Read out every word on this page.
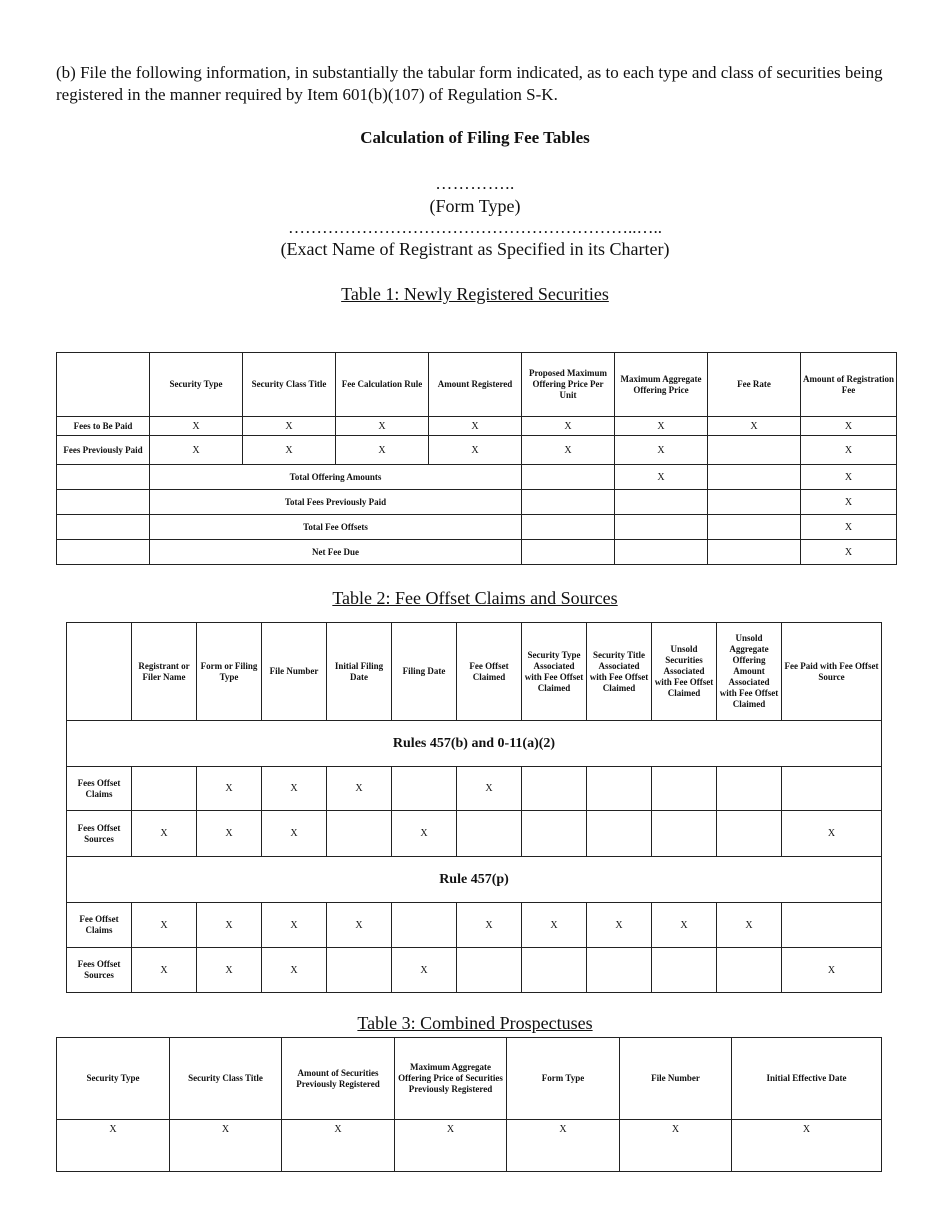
(b) File the following information, in substantially the tabular form indicated, as to each type and class of securities being registered in the manner required by Item 601(b)(107) of Regulation S-K.

Calculation of Filing Fee Tables

…………..

(Form Type)

……………………………………………………..…..

(Exact Name of Registrant as Specified in its Charter)

Table 1: Newly Registered Securities

	Security Type	Security Class Title	Fee Calculation Rule	Amount Registered	Proposed Maximum Offering Price Per Unit	Maximum Aggregate Offering Price	Fee Rate	Amount of Registration Fee
Fees to Be Paid	X	X	X	X	X	X	X	X
Fees Previously Paid	X	X	X	X	X	X		X
	Total Offering Amounts					X		X
	Total Fees Previously Paid							X
	Total Fee Offsets							X
	Net Fee Due							X

Table 2: Fee Offset Claims and Sources

	Registrant or Filer Name	Form or Filing Type	File Number	Initial Filing Date	Filing Date	Fee Offset Claimed	Security Type Associated with Fee Offset Claimed	Security Title Associated with Fee Offset Claimed	Unsold Securities Associated with Fee Offset Claimed	Unsold Aggregate Offering Amount Associated with Fee Offset Claimed	Fee Paid with Fee Offset Source
Rules 457(b) and 0-11(a)(2)											
Fees Offset Claims		X	X	X		X					
Fees Offset Sources	X	X	X		X						X
Rule 457(p)											
Fee Offset Claims	X	X	X	X		X	X	X	X	X	
Fees Offset Sources	X	X	X		X						X

Table 3: Combined Prospectuses

Security Type	Security Class Title	Amount of Securities Previously Registered	Maximum Aggregate Offering Price of Securities Previously Registered	Form Type	File Number	Initial Effective Date
X	X	X	X	X	X	X
